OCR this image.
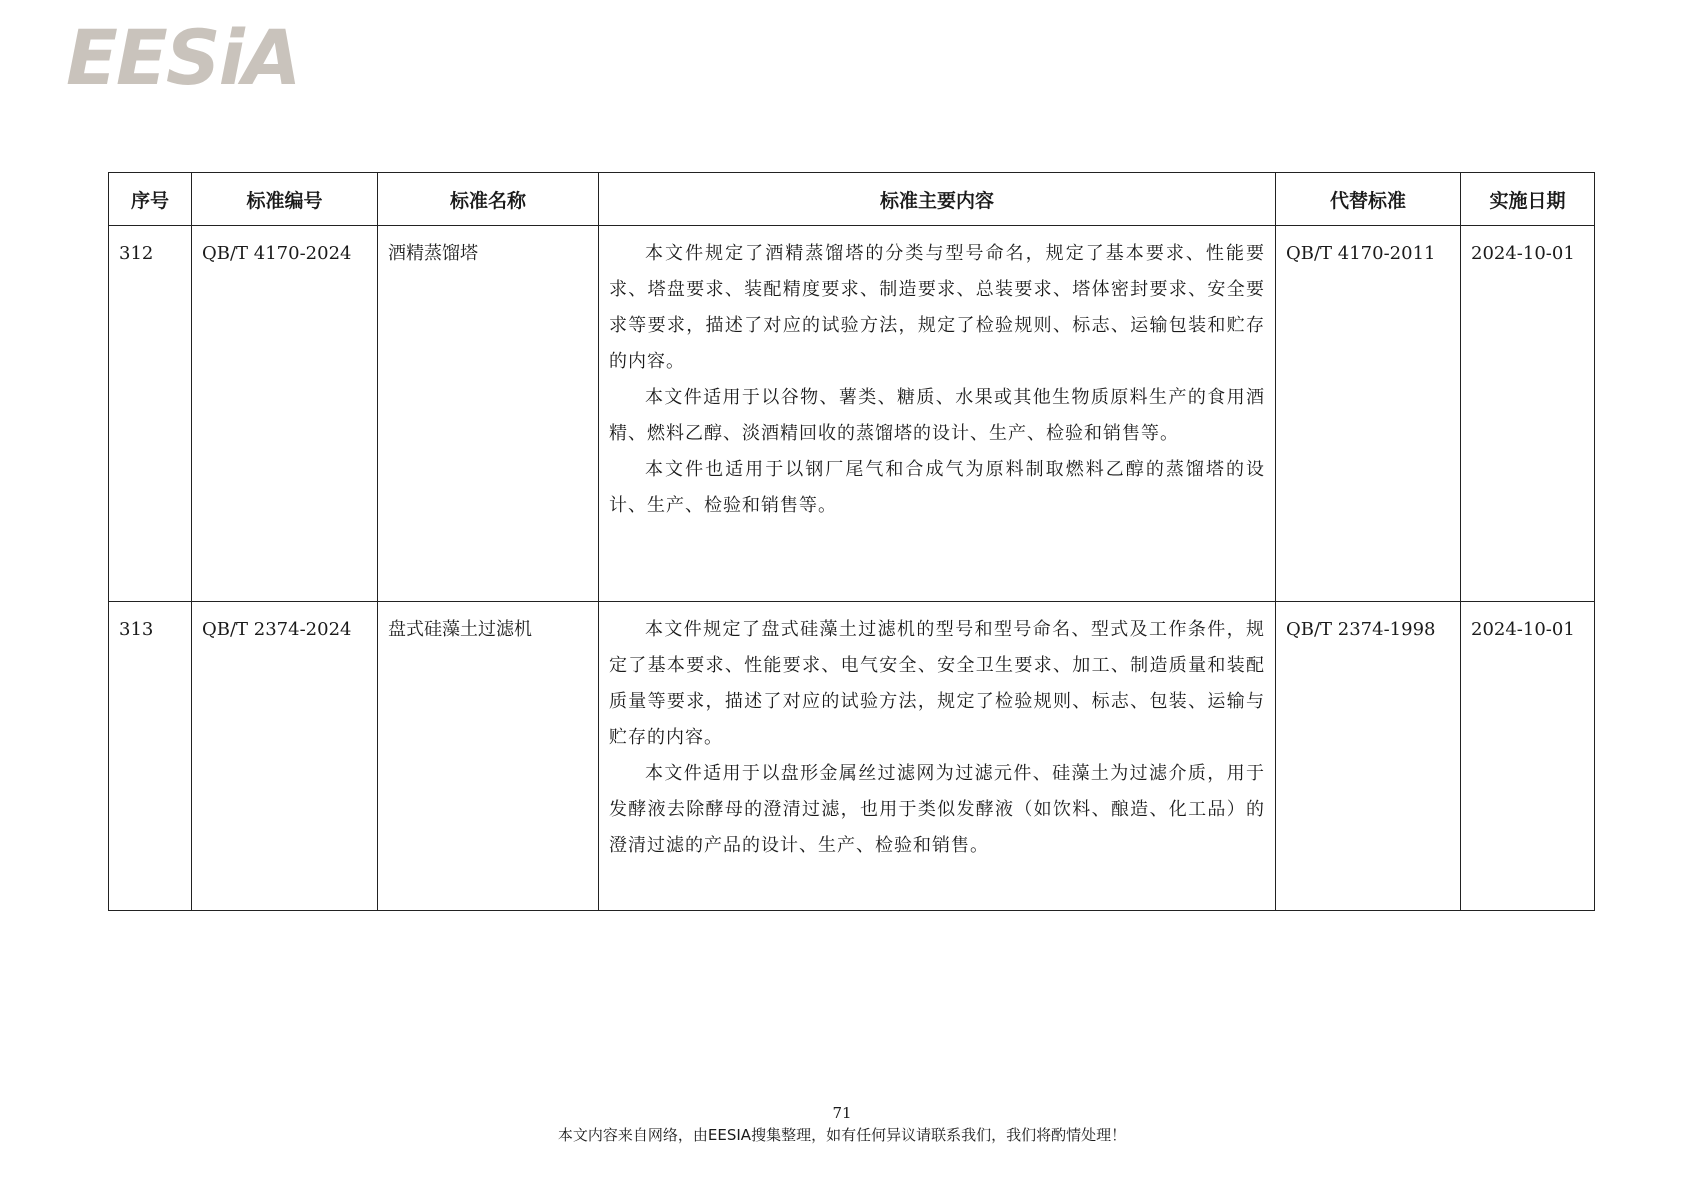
EESiA
序号	标准编号	标准名称	标准主要内容	代替标准	实施日期
312	QB/T 4170-2024	酒精蒸馏塔	本文件规定了酒精蒸馏塔的分类与型号命名，规定了基本要求、性能要求、塔盘要求、装配精度要求、制造要求、总装要求、塔体密封要求、安全要求等要求，描述了对应的试验方法，规定了检验规则、标志、运输包装和贮存的内容。

本文件适用于以谷物、薯类、糖质、水果或其他生物质原料生产的食用酒精、燃料乙醇、淡酒精回收的蒸馏塔的设计、生产、检验和销售等。

本文件也适用于以钢厂尾气和合成气为原料制取燃料乙醇的蒸馏塔的设计、生产、检验和销售等。	QB/T 4170-2011	2024-10-01
313	QB/T 2374-2024	盘式硅藻土过滤机	本文件规定了盘式硅藻土过滤机的型号和型号命名、型式及工作条件，规定了基本要求、性能要求、电气安全、安全卫生要求、加工、制造质量和装配质量等要求，描述了对应的试验方法，规定了检验规则、标志、包装、运输与贮存的内容。

本文件适用于以盘形金属丝过滤网为过滤元件、硅藻土为过滤介质，用于发酵液去除酵母的澄清过滤，也用于类似发酵液（如饮料、酿造、化工品）的澄清过滤的产品的设计、生产、检验和销售。	QB/T 2374-1998	2024-10-01
71
本文内容来自网络，由EESIA搜集整理，如有任何异议请联系我们，我们将酌情处理！
